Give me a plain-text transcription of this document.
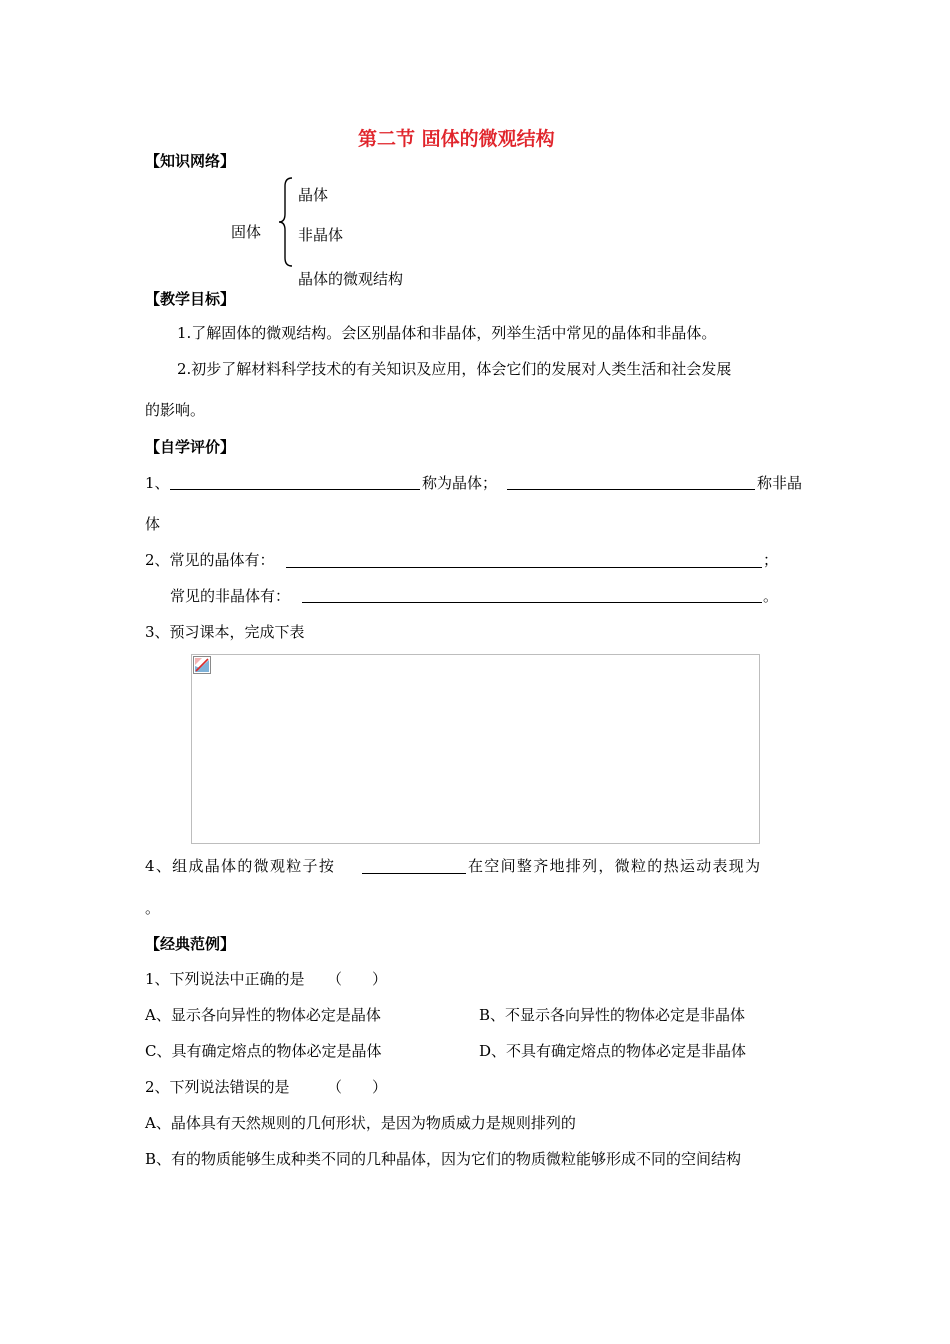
第二节 固体的微观结构
【知识网络】
固体
晶体
非晶体
晶体的微观结构
【教学目标】
1.了解固体的微观结构。会区别晶体和非晶体，列举生活中常见的晶体和非晶体。
2.初步了解材料科学技术的有关知识及应用，体会它们的发展对人类生活和社会发展
的影响。
【自学评价】
1、	称为晶体；	称非晶
体
2、常见的晶体有：	；
常见的非晶体有：	。
3、预习课本，完成下表
4、组成晶体的微观粒子按	在空间整齐地排列，微粒的热运动表现为
。
【经典范例】
1、下列说法中正确的是　　（　　）
A、显示各向异性的物体必定是晶体	B、不显示各向异性的物体必定是非晶体
C、具有确定熔点的物体必定是晶体	D、不具有确定熔点的物体必定是非晶体
2、下列说法错误的是　　　（　　）
A、晶体具有天然规则的几何形状，是因为物质威力是规则排列的
B、有的物质能够生成种类不同的几种晶体，因为它们的物质微粒能够形成不同的空间结构
